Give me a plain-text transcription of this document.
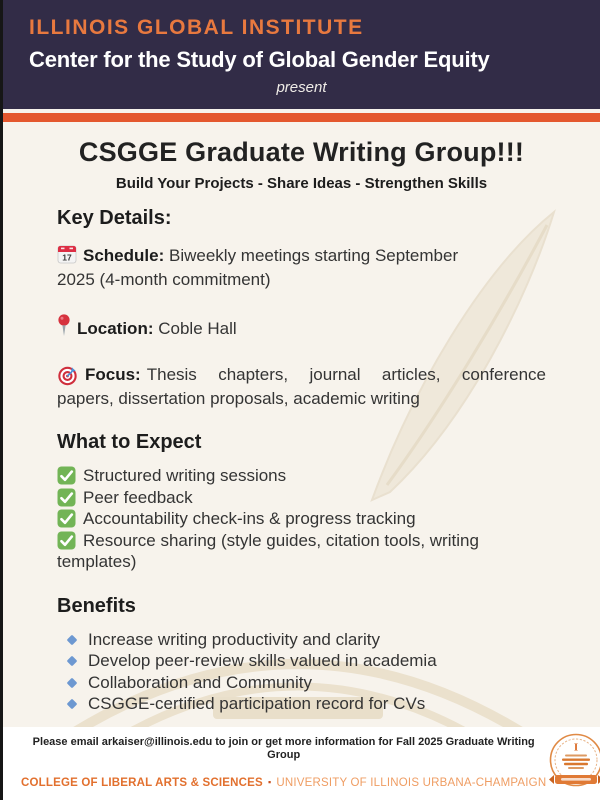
ILLINOIS GLOBAL INSTITUTE
Center for the Study of Global Gender Equity
present
CSGGE Graduate Writing Group!!!
Build Your Projects - Share Ideas - Strengthen Skills
Key Details:

17 Schedule: Biweekly meetings starting September
2025 (4-month commitment)

Location: Coble Hall

Focus: Thesis chapters, journal articles, conference
papers, dissertation proposals, academic writing
What to Expect

Structured writing sessions

Peer feedback

Accountability check-ins & progress tracking

Resource sharing (style guides, citation tools, writing
templates)

Benefits

Increase writing productivity and clarity

Develop peer-review skills valued in academia

Collaboration and Community

CSGGE-certified participation record for CVs

Please email arkaiser@illinois.edu to join or get more information for Fall 2025 Graduate Writing Group
COLLEGE OF LIBERAL ARTS & SCIENCES ▪ UNIVERSITY OF ILLINOIS URBANA-CHAMPAIGN
I
